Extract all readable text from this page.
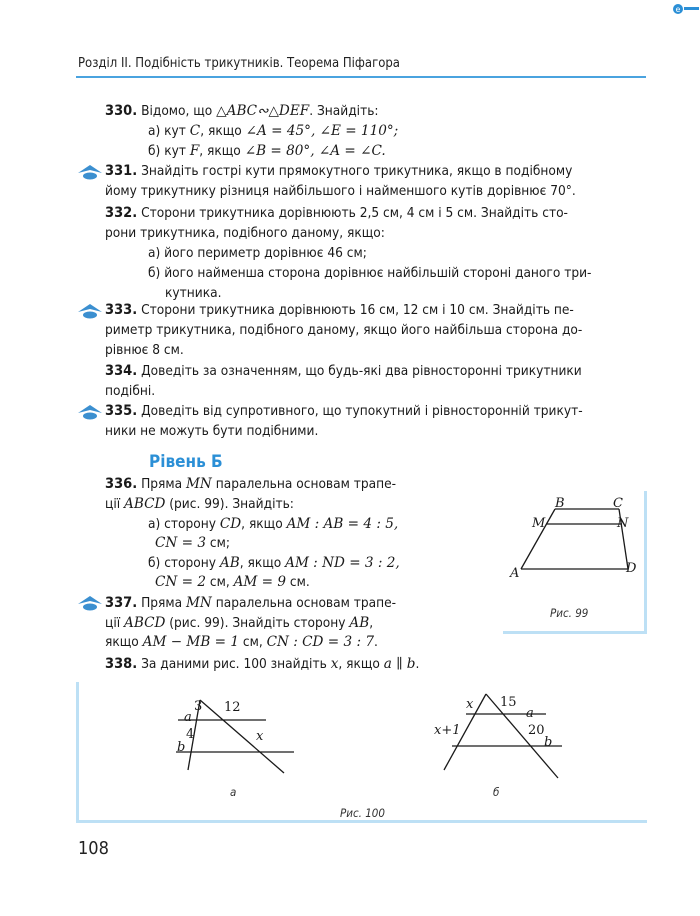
e
Розділ ІІ. Подібність трикутників. Теорема Піфагора
330. Відомо, що △ABC∾△DEF. Знайдіть:
а) кут C, якщо ∠A = 45°, ∠E = 110°;
б) кут F, якщо ∠B = 80°, ∠A = ∠C.
331. Знайдіть гострі кути прямокутного трикутника, якщо в подібному
йому трикутнику різниця найбільшого і найменшого кутів дорівнює 70°.
332. Сторони трикутника дорівнюють 2,5 см, 4 см і 5 см. Знайдіть сто-
рони трикутника, подібного даному, якщо:
а) його периметр дорівнює 46 см;
б) його найменша сторона дорівнює найбільшій стороні даного три-
кутника.
333. Сторони трикутника дорівнюють 16 см, 12 см і 10 см. Знайдіть пе-
риметр трикутника, подібного даному, якщо його найбільша сторона до-
рівнює 8 см.
334. Доведіть за означенням, що будь-які два рівносторонні трикутники
подібні.
335. Доведіть від супротивного, що тупокутний і рівносторонній трикут-
ники не можуть бути подібними.
Рівень Б
336. Пряма MN паралельна основам трапе-
ції ABCD (рис. 99). Знайдіть:
а) сторону CD, якщо AM : AB = 4 : 5,
CN = 3 см;
б) сторону AB, якщо AM : ND = 3 : 2,
CN = 2 см, AM = 9 см.
337. Пряма MN паралельна основам трапе-
ції ABCD (рис. 99). Знайдіть сторону AB,
якщо AM − MB = 1 см, CN : CD = 3 : 7.
338. За даними рис. 100 знайдіть x, якщо a ∥ b.
B	C
M	N
A	D
Рис. 99
3 12
a
4	x
b
а
x 15
a
x+1	20
b
б
Рис. 100
108
